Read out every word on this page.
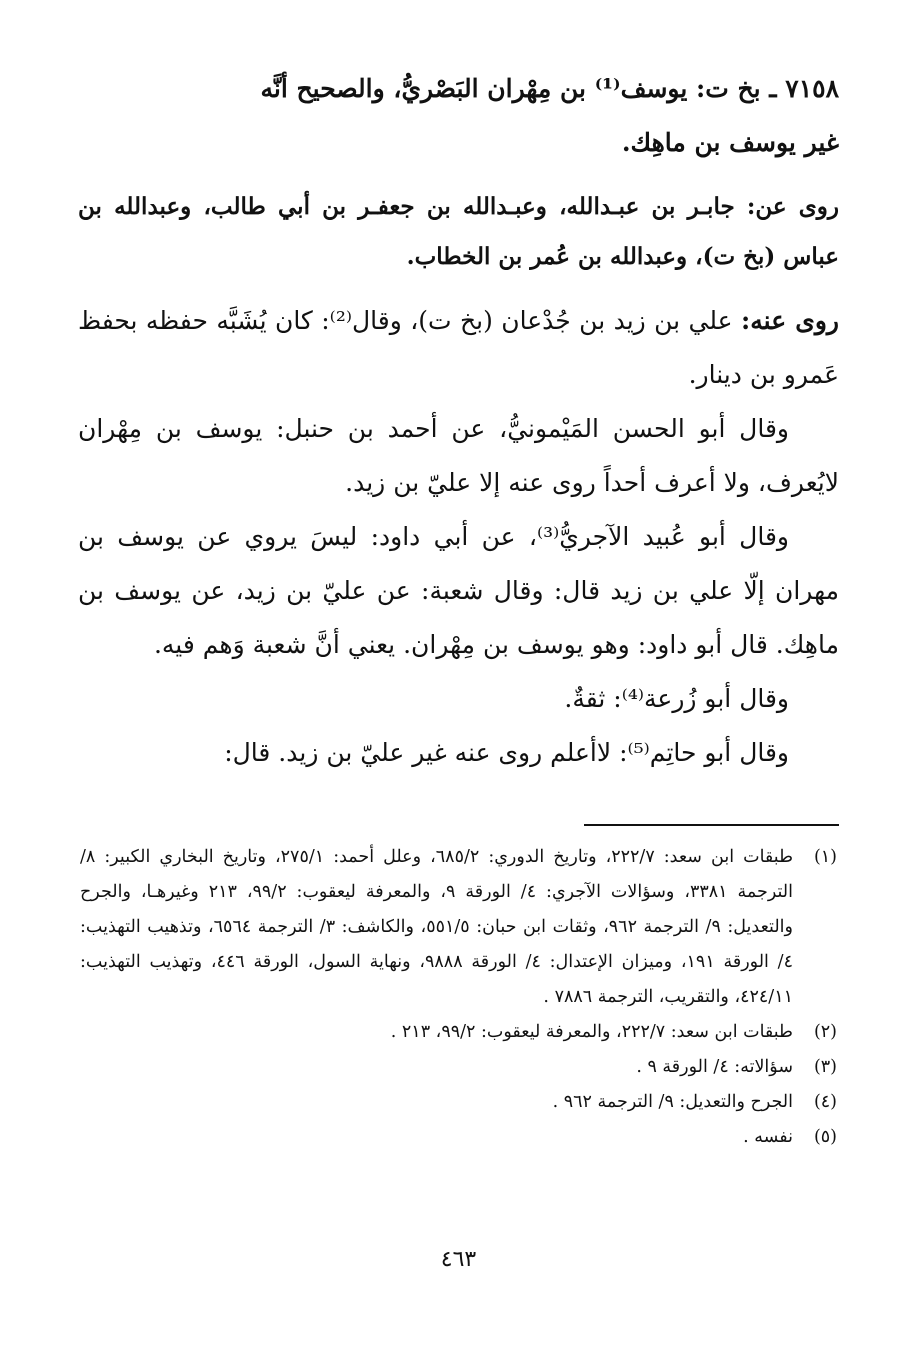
٧١٥٨ ـ بخ ت: يوسف⁽¹⁾ بن مِهْران البَصْريُّ، والصحيح أنَّه
غير يوسف بن ماهِك.

روى عن: جابـر بن عبـدالله، وعبـدالله بن جعفـر بن أبي طالب، وعبدالله بن عباس (بخ ت)، وعبدالله بن عُمر بن الخطاب.

روى عنه: علي بن زيد بن جُدْعان (بخ ت)، وقال⁽²⁾: كان يُشَبَّه حفظه بحفظ عَمرو بن دينار.

وقال أبو الحسن المَيْمونيُّ، عن أحمد بن حنبل: يوسف بن مِهْران لايُعرف، ولا أعرف أحداً روى عنه إلا عليّ بن زيد.

وقال أبو عُبيد الآجريُّ⁽³⁾، عن أبي داود: ليسَ يروي عن يوسف بن مهران إلّا علي بن زيد قال: وقال شعبة: عن عليّ بن زيد، عن يوسف بن ماهِك. قال أبو داود: وهو يوسف بن مِهْران. يعني أنَّ شعبة وَهم فيه.

وقال أبو زُرعة⁽⁴⁾: ثقةٌ.

وقال أبو حاتِم⁽⁵⁾: لاأعلم روى عنه غير عليّ بن زيد. قال:

(١)
طبقات ابن سعد: ٢٢٢/٧، وتاريخ الدوري: ٦٨٥/٢، وعلل أحمد: ٢٧٥/١، وتاريخ البخاري الكبير: ٨/ الترجمة ٣٣٨١، وسؤالات الآجري: ٤/ الورقة ٩، والمعرفة ليعقوب: ٩٩/٢، ٢١٣ وغيرهـا، والجرح والتعديل: ٩/ الترجمة ٩٦٢، وثقات ابن حبان: ٥٥١/٥، والكاشف: ٣/ الترجمة ٦٥٦٤، وتذهيب التهذيب: ٤/ الورقة ١٩١، وميزان الإعتدال: ٤/ الورقة ٩٨٨٨، ونهاية السول، الورقة ٤٤٦، وتهذيب التهذيب: ٤٢٤/١١، والتقريب، الترجمة ٧٨٨٦ .
(٢)
طبقات ابن سعد: ٢٢٢/٧، والمعرفة ليعقوب: ٩٩/٢، ٢١٣ .
(٣)
سؤالاته: ٤/ الورقة ٩ .
(٤)
الجرح والتعديل: ٩/ الترجمة ٩٦٢ .
(٥)
نفسه .
٤٦٣
